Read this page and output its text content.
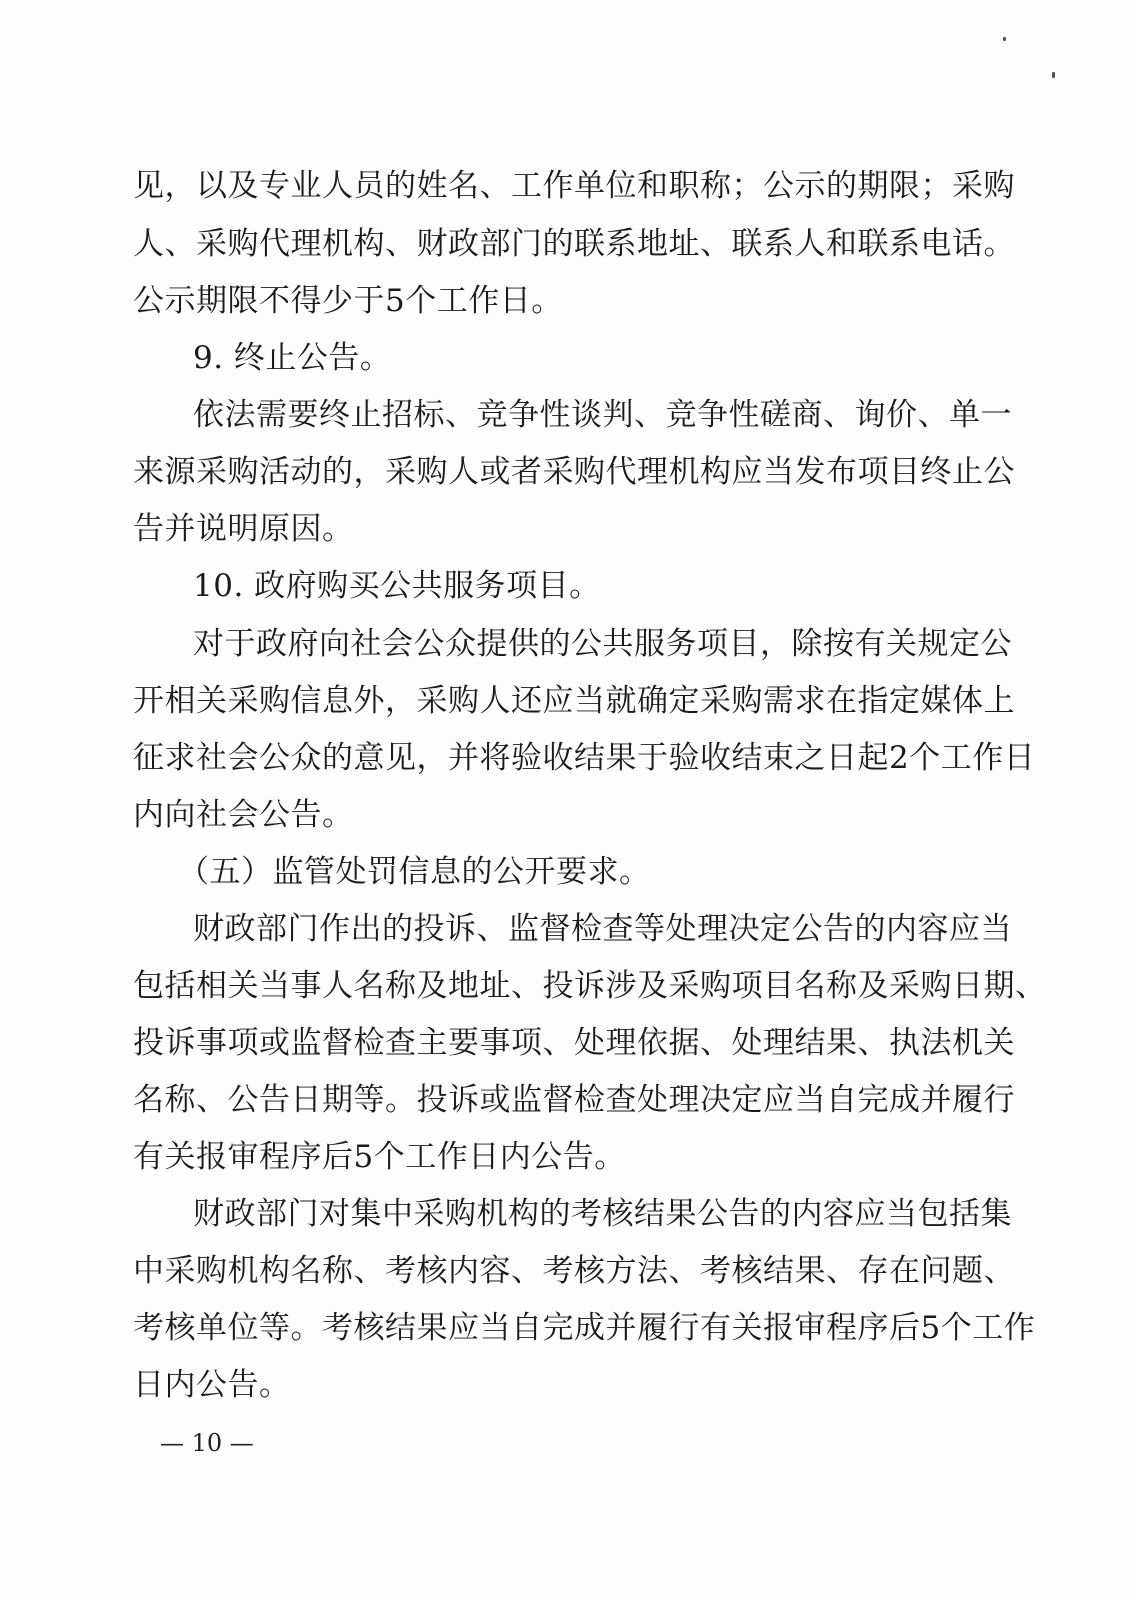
见，以及专业人员的姓名、工作单位和职称；公示的期限；采购
人、采购代理机构、财政部门的联系地址、联系人和联系电话。
公示期限不得少于5个工作日。
9. 终止公告。
依法需要终止招标、竞争性谈判、竞争性磋商、询价、单一
来源采购活动的，采购人或者采购代理机构应当发布项目终止公
告并说明原因。
10. 政府购买公共服务项目。
对于政府向社会公众提供的公共服务项目，除按有关规定公
开相关采购信息外，采购人还应当就确定采购需求在指定媒体上
征求社会公众的意见，并将验收结果于验收结束之日起2个工作日
内向社会公告。
（五）监管处罚信息的公开要求。
财政部门作出的投诉、监督检查等处理决定公告的内容应当
包括相关当事人名称及地址、投诉涉及采购项目名称及采购日期、
投诉事项或监督检查主要事项、处理依据、处理结果、执法机关
名称、公告日期等。投诉或监督检查处理决定应当自完成并履行
有关报审程序后5个工作日内公告。
财政部门对集中采购机构的考核结果公告的内容应当包括集
中采购机构名称、考核内容、考核方法、考核结果、存在问题、
考核单位等。考核结果应当自完成并履行有关报审程序后5个工作
日内公告。
— 10 —
